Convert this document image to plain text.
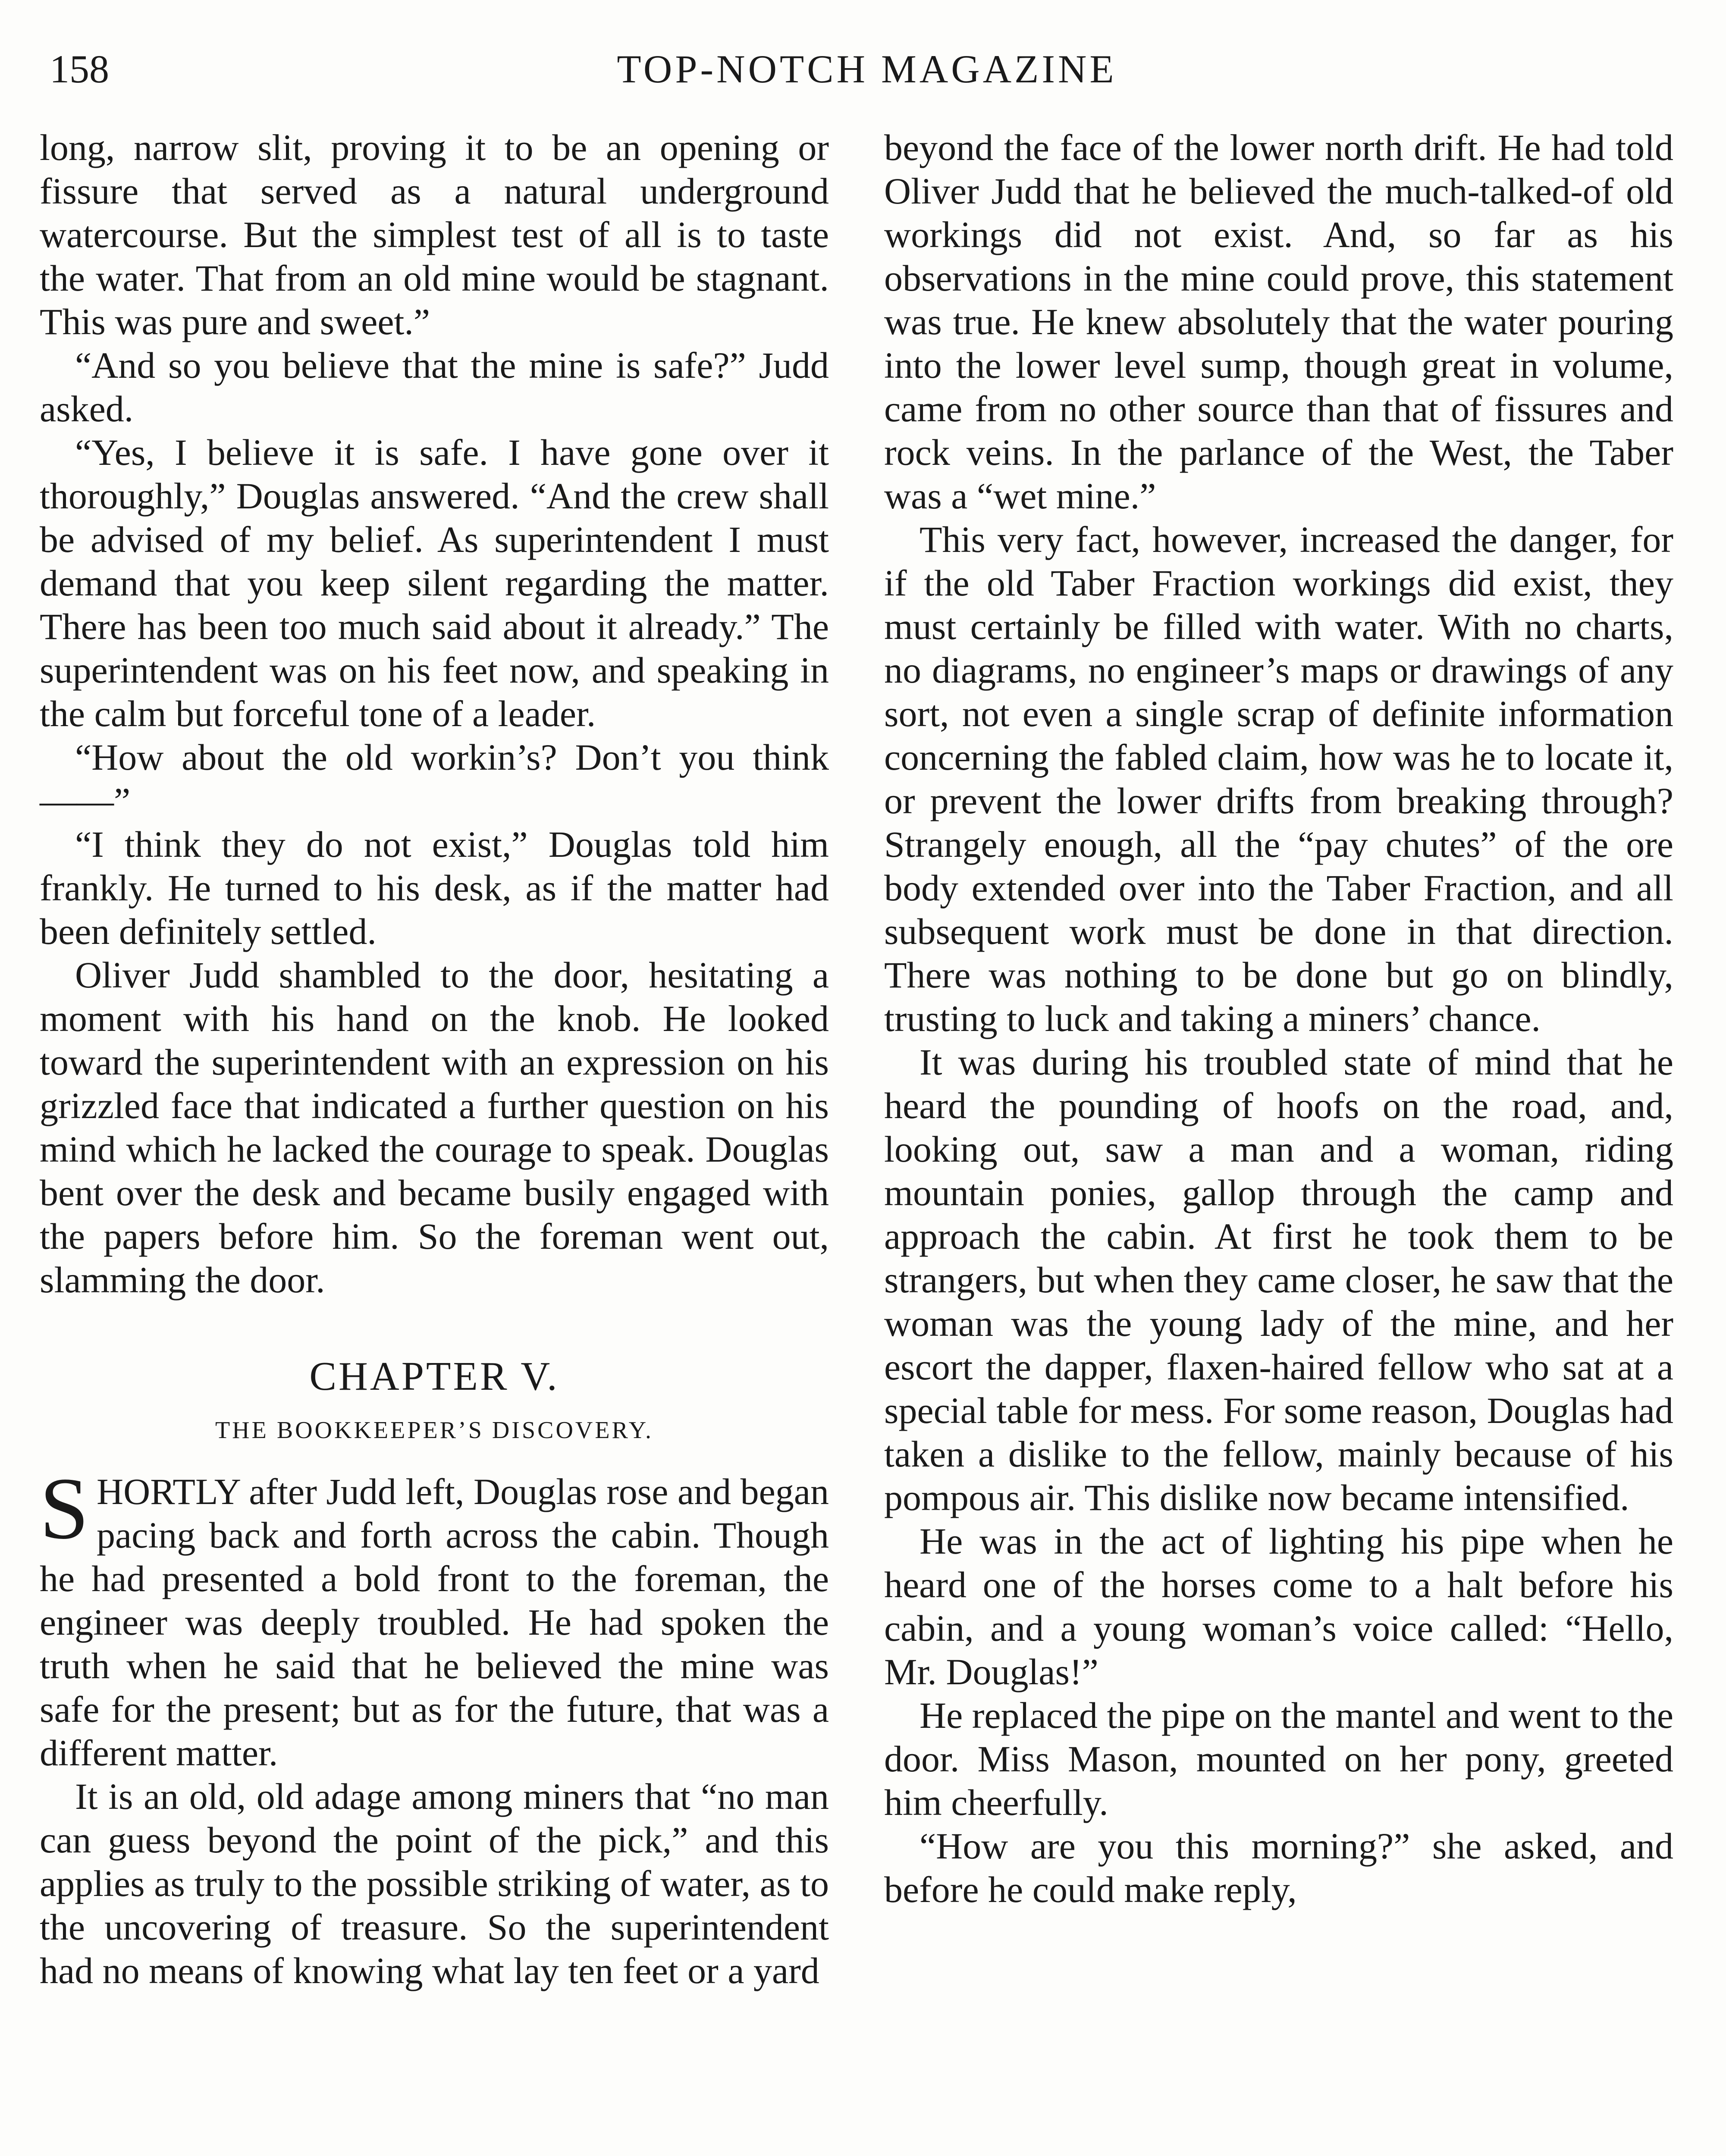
158	TOP-NOTCH MAGAZINE

long, narrow slit, proving it to be an opening or fissure that served as a natural underground watercourse. But the simplest test of all is to taste the water. That from an old mine would be stagnant. This was pure and sweet.”

“And so you believe that the mine is safe?” Judd asked.

“Yes, I believe it is safe. I have gone over it thoroughly,” Douglas answered. “And the crew shall be advised of my belief. As superintendent I must demand that you keep silent regarding the matter. There has been too much said about it already.” The superintendent was on his feet now, and speaking in the calm but forceful tone of a leader.

“How about the old workin’s? Don’t you think——”

“I think they do not exist,” Douglas told him frankly. He turned to his desk, as if the matter had been definitely settled.

Oliver Judd shambled to the door, hesitating a moment with his hand on the knob. He looked toward the superintendent with an expression on his grizzled face that indicated a further question on his mind which he lacked the courage to speak. Douglas bent over the desk and became busily engaged with the papers before him. So the foreman went out, slamming the door.

CHAPTER V.
THE BOOKKEEPER’S DISCOVERY.

SHORTLY after Judd left, Douglas rose and began pacing back and forth across the cabin. Though he had presented a bold front to the foreman, the engineer was deeply troubled. He had spoken the truth when he said that he believed the mine was safe for the present; but as for the future, that was a different matter.

It is an old, old adage among miners that “no man can guess beyond the point of the pick,” and this applies as truly to the possible striking of water, as to the uncovering of treasure. So the superintendent had no means of knowing what lay ten feet or a yard

beyond the face of the lower north drift. He had told Oliver Judd that he believed the much-talked-of old workings did not exist. And, so far as his observations in the mine could prove, this statement was true. He knew absolutely that the water pouring into the lower level sump, though great in volume, came from no other source than that of fissures and rock veins. In the parlance of the West, the Taber was a “wet mine.”

This very fact, however, increased the danger, for if the old Taber Fraction workings did exist, they must certainly be filled with water. With no charts, no diagrams, no engineer’s maps or drawings of any sort, not even a single scrap of definite information concerning the fabled claim, how was he to locate it, or prevent the lower drifts from breaking through? Strangely enough, all the “pay chutes” of the ore body extended over into the Taber Fraction, and all subsequent work must be done in that direction. There was nothing to be done but go on blindly, trusting to luck and taking a miners’ chance.

It was during his troubled state of mind that he heard the pounding of hoofs on the road, and, looking out, saw a man and a woman, riding mountain ponies, gallop through the camp and approach the cabin. At first he took them to be strangers, but when they came closer, he saw that the woman was the young lady of the mine, and her escort the dapper, flaxen-haired fellow who sat at a special table for mess. For some reason, Douglas had taken a dislike to the fellow, mainly because of his pompous air. This dislike now became intensified.

He was in the act of lighting his pipe when he heard one of the horses come to a halt before his cabin, and a young woman’s voice called: “Hello, Mr. Douglas!”

He replaced the pipe on the mantel and went to the door. Miss Mason, mounted on her pony, greeted him cheerfully.

“How are you this morning?” she asked, and before he could make reply,
